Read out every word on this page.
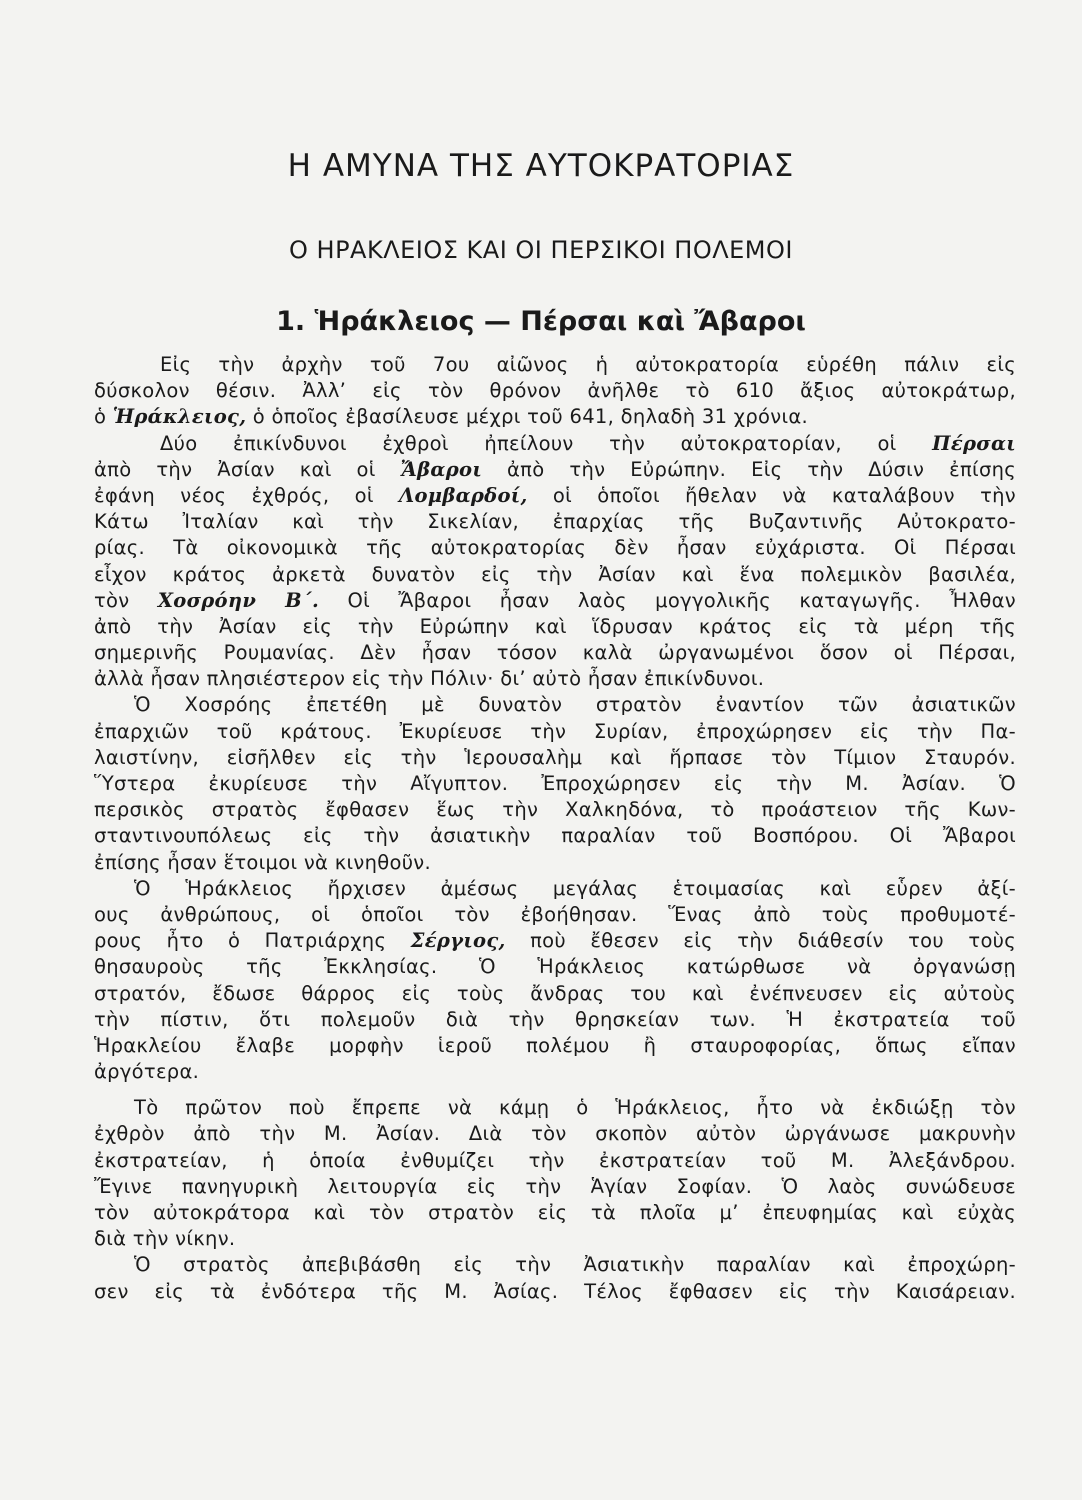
Η ΑΜΥΝΑ ΤΗΣ ΑΥΤΟΚΡΑΤΟΡΙΑΣ
Ο ΗΡΑΚΛΕΙΟΣ ΚΑΙ ΟΙ ΠΕΡΣΙΚΟΙ ΠΟΛΕΜΟΙ
1. Ἡράκλειος — Πέρσαι καὶ Ἄβαροι
Εἰς τὴν ἀρχὴν τοῦ 7ου αἰῶνος ἡ αὐτοκρατορία εὑρέθη πάλιν εἰς
δύσκολον θέσιν. Ἀλλ’ εἰς τὸν θρόνον ἀνῆλθε τὸ 610 ἄξιος αὐτοκράτωρ,
ὁ Ἡράκλειος, ὁ ὁποῖος ἐβασίλευσε μέχρι τοῦ 641, δηλαδὴ 31 χρόνια.
Δύο ἐπικίνδυνοι ἐχθροὶ ἠπείλουν τὴν αὐτοκρατορίαν, οἱ Πέρσαι
ἀπὸ τὴν Ἀσίαν καὶ οἱ Ἄβαροι ἀπὸ τὴν Εὐρώπην. Εἰς τὴν Δύσιν ἐπίσης
ἐφάνη νέος ἐχθρός, οἱ Λομβαρδοί, οἱ ὁποῖοι ἤθελαν νὰ καταλάβουν τὴν
Κάτω Ἰταλίαν καὶ τὴν Σικελίαν, ἐπαρχίας τῆς Βυζαντινῆς Αὐτοκρατο-
ρίας. Τὰ οἰκονομικὰ τῆς αὐτοκρατορίας δὲν ἦσαν εὐχάριστα. Οἱ Πέρσαι
εἶχον κράτος ἀρκετὰ δυνατὸν εἰς τὴν Ἀσίαν καὶ ἕνα πολεμικὸν βασιλέα,
τὸν Χοσρόην Β΄. Οἱ Ἄβαροι ἦσαν λαὸς μογγολικῆς καταγωγῆς. Ἦλθαν
ἀπὸ τὴν Ἀσίαν εἰς τὴν Εὐρώπην καὶ ἵδρυσαν κράτος εἰς τὰ μέρη τῆς
σημερινῆς Ρουμανίας. Δὲν ἦσαν τόσον καλὰ ὠργανωμένοι ὅσον οἱ Πέρσαι,
ἀλλὰ ἦσαν πλησιέστερον εἰς τὴν Πόλιν· δι’ αὐτὸ ἦσαν ἐπικίνδυνοι.
Ὁ Χοσρόης ἐπετέθη μὲ δυνατὸν στρατὸν ἐναντίον τῶν ἀσιατικῶν
ἐπαρχιῶν τοῦ κράτους. Ἐκυρίευσε τὴν Συρίαν, ἐπροχώρησεν εἰς τὴν Πα-
λαιστίνην, εἰσῆλθεν εἰς τὴν Ἱερουσαλὴμ καὶ ἥρπασε τὸν Τίμιον Σταυρόν.
Ὕστερα ἐκυρίευσε τὴν Αἴγυπτον. Ἐπροχώρησεν εἰς τὴν Μ. Ἀσίαν. Ὁ
περσικὸς στρατὸς ἔφθασεν ἕως τὴν Χαλκηδόνα, τὸ προάστειον τῆς Κων-
σταντινουπόλεως εἰς τὴν ἀσιατικὴν παραλίαν τοῦ Βοσπόρου. Οἱ Ἄβαροι
ἐπίσης ἦσαν ἕτοιμοι νὰ κινηθοῦν.
Ὁ Ἡράκλειος ἤρχισεν ἀμέσως μεγάλας ἑτοιμασίας καὶ εὗρεν ἀξί-
ους ἀνθρώπους, οἱ ὁποῖοι τὸν ἐβοήθησαν. Ἕνας ἀπὸ τοὺς προθυμοτέ-
ρους ἦτο ὁ Πατριάρχης Σέργιος, ποὺ ἔθεσεν εἰς τὴν διάθεσίν του τοὺς
θησαυροὺς τῆς Ἐκκλησίας. Ὁ Ἡράκλειος κατώρθωσε νὰ ὀργανώσῃ
στρατόν, ἔδωσε θάρρος εἰς τοὺς ἄνδρας του καὶ ἐνέπνευσεν εἰς αὐτοὺς
τὴν πίστιν, ὅτι πολεμοῦν διὰ τὴν θρησκείαν των. Ἡ ἐκστρατεία τοῦ
Ἡρακλείου ἔλαβε μορφὴν ἱεροῦ πολέμου ἢ σταυροφορίας, ὅπως εἴπαν
ἀργότερα.
Τὸ πρῶτον ποὺ ἔπρεπε νὰ κάμῃ ὁ Ἡράκλειος, ἦτο νὰ ἐκδιώξῃ τὸν
ἐχθρὸν ἀπὸ τὴν Μ. Ἀσίαν. Διὰ τὸν σκοπὸν αὐτὸν ὠργάνωσε μακρυνὴν
ἐκστρατείαν, ἡ ὁποία ἐνθυμίζει τὴν ἐκστρατείαν τοῦ Μ. Ἀλεξάνδρου.
Ἔγινε πανηγυρικὴ λειτουργία εἰς τὴν Ἁγίαν Σοφίαν. Ὁ λαὸς συνώδευσε
τὸν αὐτοκράτορα καὶ τὸν στρατὸν εἰς τὰ πλοῖα μ’ ἐπευφημίας καὶ εὐχὰς
διὰ τὴν νίκην.
Ὁ στρατὸς ἀπεβιβάσθη εἰς τὴν Ἀσιατικὴν παραλίαν καὶ ἐπροχώρη-
σεν εἰς τὰ ἐνδότερα τῆς Μ. Ἀσίας. Τέλος ἔφθασεν εἰς τὴν Καισάρειαν.
